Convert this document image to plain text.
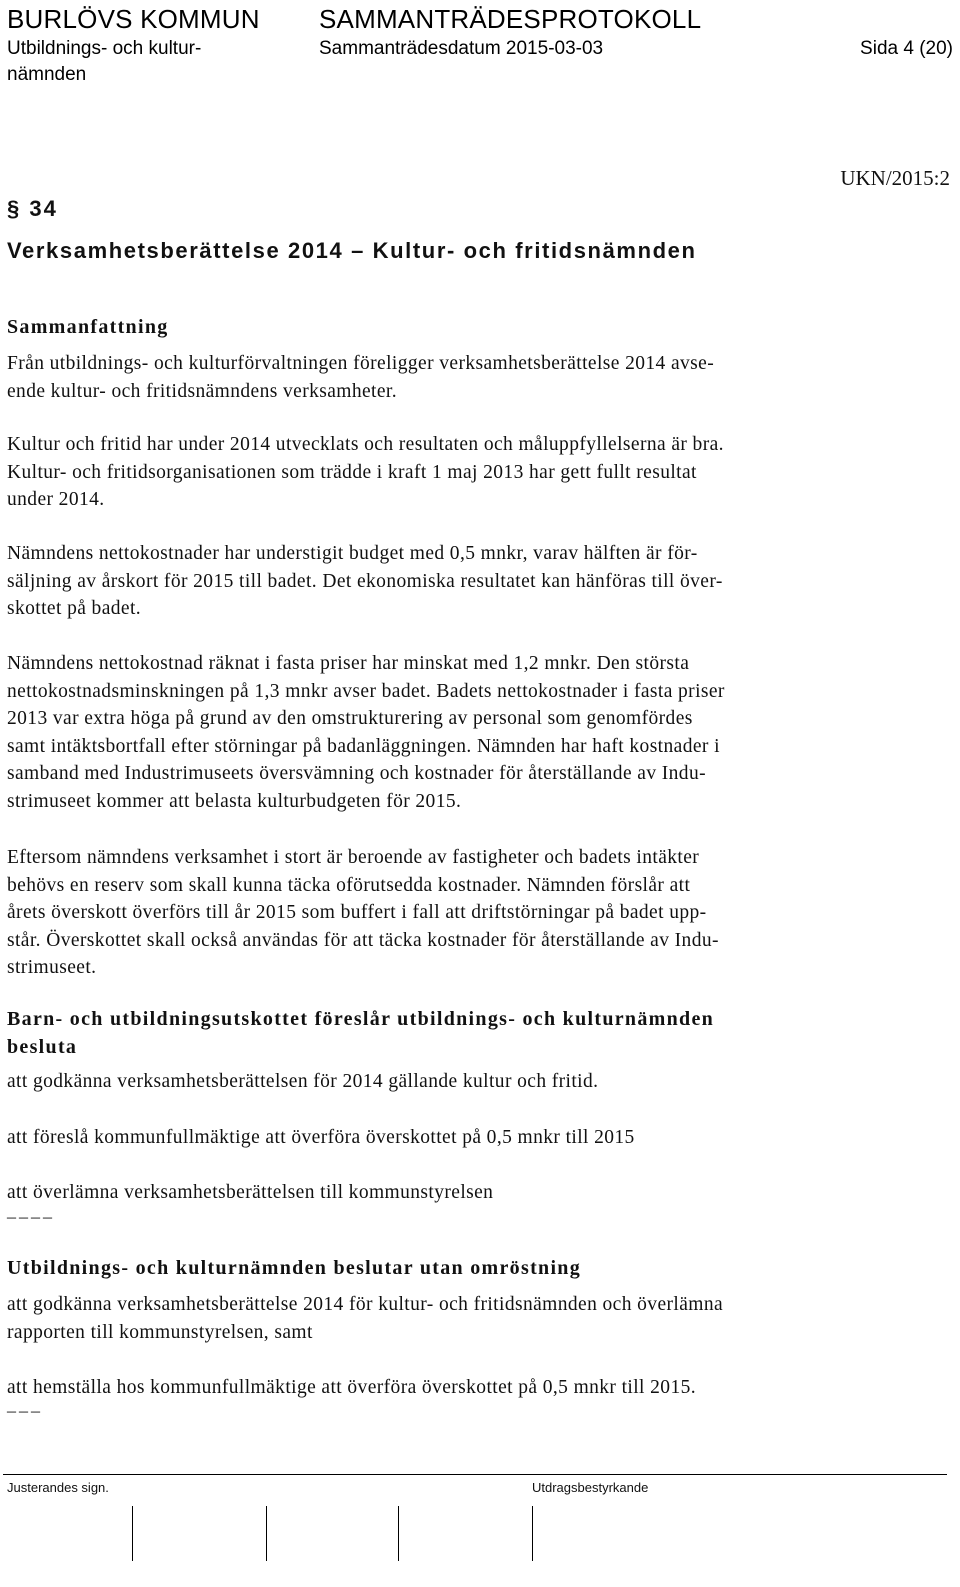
BURLÖVS KOMMUN SAMMANTRÄDESPROTOKOLL
Utbildnings- och kultur-	Sammanträdesdatum 2015-03-03	Sida 4 (20)
nämnden
UKN/2015:2
§ 34
Verksamhetsberättelse 2014 – Kultur- och fritidsnämnden
Sammanfattning
Från utbildnings- och kulturförvaltningen föreligger verksamhetsberättelse 2014 avse-
ende kultur- och fritidsnämndens verksamheter.
Kultur och fritid har under 2014 utvecklats och resultaten och måluppfyllelserna är bra.
Kultur- och fritidsorganisationen som trädde i kraft 1 maj 2013 har gett fullt resultat
under 2014.
Nämndens nettokostnader har understigit budget med 0,5 mnkr, varav hälften är för-
säljning av årskort för 2015 till badet. Det ekonomiska resultatet kan hänföras till över-
skottet på badet.
Nämndens nettokostnad räknat i fasta priser har minskat med 1,2 mnkr. Den största
nettokostnadsminskningen på 1,3 mnkr avser badet. Badets nettokostnader i fasta priser
2013 var extra höga på grund av den omstrukturering av personal som genomfördes
samt intäktsbortfall efter störningar på badanläggningen. Nämnden har haft kostnader i
samband med Industrimuseets översvämning och kostnader för återställande av Indu-
strimuseet kommer att belasta kulturbudgeten för 2015.
Eftersom nämndens verksamhet i stort är beroende av fastigheter och badets intäkter
behövs en reserv som skall kunna täcka oförutsedda kostnader. Nämnden förslår att
årets överskott överförs till år 2015 som buffert i fall att driftstörningar på badet upp-
står. Överskottet skall också användas för att täcka kostnader för återställande av Indu-
strimuseet.
Barn- och utbildningsutskottet föreslår utbildnings- och kulturnämnden
besluta
att godkänna verksamhetsberättelsen för 2014 gällande kultur och fritid.
att föreslå kommunfullmäktige att överföra överskottet på 0,5 mnkr till 2015
att överlämna verksamhetsberättelsen till kommunstyrelsen
____
Utbildnings- och kulturnämnden beslutar utan omröstning
att godkänna verksamhetsberättelse 2014 för kultur- och fritidsnämnden och överlämna
rapporten till kommunstyrelsen, samt
att hemställa hos kommunfullmäktige att överföra överskottet på 0,5 mnkr till 2015.
___
Justerandes sign.	Utdragsbestyrkande
